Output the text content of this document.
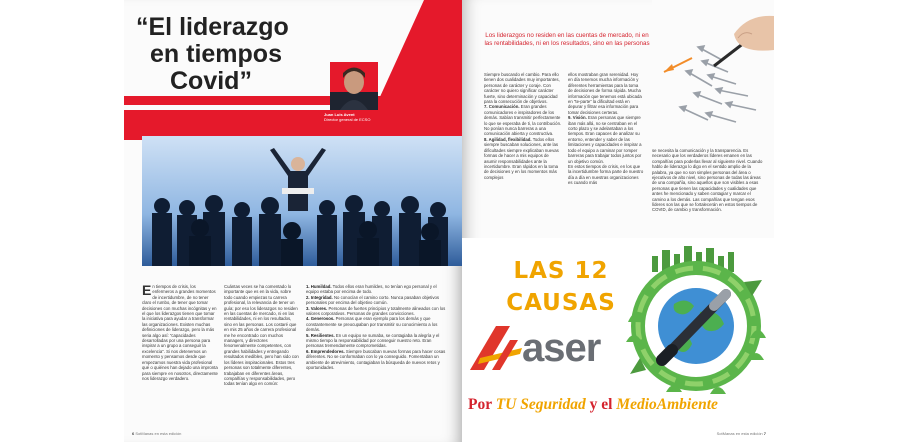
“El liderazgo
en tiempos
Covid”
Juan Luis Avent
Director general de ECSO

En tiempos de crisis, los enfermeros a grandes momentos de incertidumbre, de no tener claro el rumbo, de tener que tomar decisiones con muchas incógnitas y en el que los liderazgos tienen que tomar la iniciativa para ayudar a transformar las organizaciones. Existen muchas definiciones de liderazgo, pero la más seria algo así: “capacidades desarrolladas por una persona para inspirar a un grupo a conseguir la excelencia”. Si nos detenemos un momento y pensamos desde que empezamos nuestra vida profesional qué o quiénes han dejado una impronta para siempre en nosotros, directamente nos liderazgo verdadero.

Cuántas veces se ha comentado lo importante que es en la vida, sobre todo cuando empiezas tu carrera profesional, la relevancia de tener un guía; por eso los liderazgos no residen en las cuentas de mercado, ni en las rentabilidades, ni en los resultados, sino en las personas. Los costaré que en mis 25 años de carrera profesional me he encontrado con muchos managers, y directores fenomenalmente competentes, con grandes habilidades y entregando resultados medibles, pero han sido con los líderes inspiracionales. Estos tres personas son totalmente diferentes, trabajaban en diferentes áreas, compañías y responsabilidades, pero todas tenían algo en común:

1. Humildad. Todos ellos eran humildes, no tenían ego personal y el equipo estaba por encima de todo.

2. Integridad. No conocían el camino corto. Nunca pasaban objetivos personales por encima del objetivo común.

3. Valores. Personas de fuertes principios y totalmente alineados con los valores corporativos. Personas de grandes convicciones.

4. Generosos. Personas que eran ejemplo para los demás y que constantemente se preocupaban por transmitir su conocimiento a los demás.

5. Resilientes. En un equipo se sumaba, se contagiaba la alegría y el mismo tiempo la responsabilidad por conseguir nuestro reto. Eran personas tremendamente comprometidas.

6. Emprendedores. Siempre buscaban nuevas formas para hacer cosas diferentes. No se conformaban con lo ya conseguido. Fomentaban un ambiente de atrevimiento, contagiaban la búsqueda de nuevos retos y oportunidades.

6 SotManas en esta edición
Los liderazgos no residen en las cuentas de mercado, ni en las rentabilidades, ni en los resultados, sino en las personas

Siempre buscando el cambio. Para ello tienen dos cualidades muy importantes, personas de carácter y coraje. Con carácter no quiero significar carácter fuerte, sino determinación y capacidad para la consecución de objetivos.

7. Comunicación. Eran grandes comunicadores e inspiradores de los demás. Sabían transmitir perfectamente lo que se esperaba de ti, la contribución. No ponían nunca barreras a una comunicación abierta y constructiva.

8. Agilidad, flexibilidad. Todos ellos siempre buscaban soluciones, ante las dificultades siempre explicaban nuevas formas de hacer a mis equipos de asumir responsabilidades ante la incertidumbre. Eran rápidos en la toma de decisiones y en los momentos más complejos

ellos mostraban gran serenidad. Hoy en día tenemos mucha información y diferentes herramientas para la toma de decisiones de forma rápida. Mucha información que tenemos está ubicada en “te-parte” la dificultad está en depurar y filtrar esa información para tomar decisiones certeras.

9. Visión. Eran personas que siempre iban más allá, no se centraban en el corto plazo y se adelantaban a los tiempos. Eran capaces de analizar su entorno, entender y saber de las limitaciones y capacidades e inspirar a todo el equipo a caminar por romper barreras para trabajar todos juntos por un objetivo común.

En estos tiempos de crisis, en los que la incertidumbre forma parte de nuestro día a día en nuestras organizaciones es cuando más

se necesita la comunicación y la transparencia. Es necesario que los verdaderos líderes emanen en las compañías para poderlas llevar al siguiente nivel. Cuando hablo de liderazgo lo digo en el sentido amplio de la palabra, ya que no son simples personas del área o ejecutivos de alto nivel, sino personas de todas las áreas de una compañía, sino aquellos que son visibles a esas personas que tienen las capacidades y cualidades que antes he mencionado y saben contagiar y marcar el camino a los demás. Las compañías que tengan esos líderes son las que se fortalecerán en estos tiempos de COVID, de cambio y transformación.

LAS 12
CAUSAS
aser
Por TU Seguridad y el MedioAmbiente
SotManas en esta edición 7
